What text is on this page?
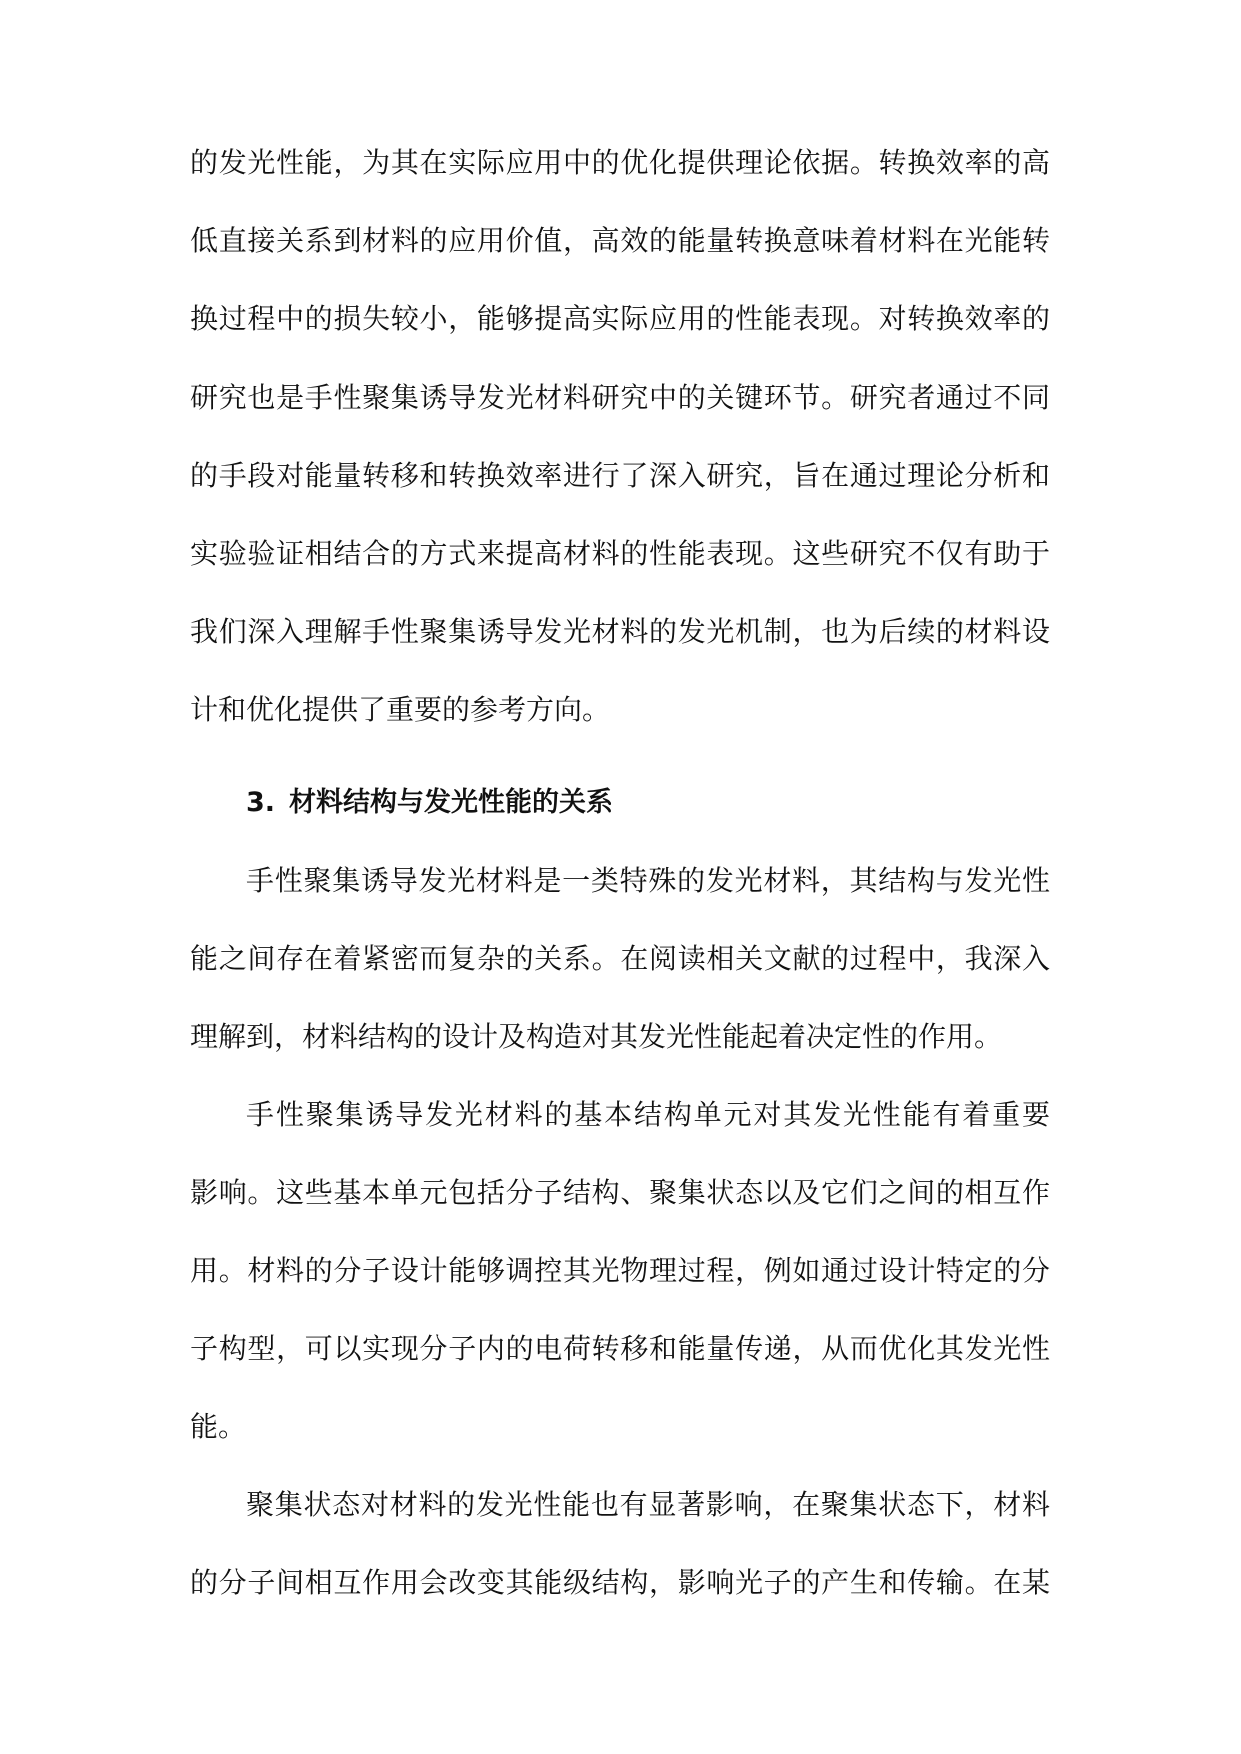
的发光性能，为其在实际应用中的优化提供理论依据。转换效率的高
低直接关系到材料的应用价值，高效的能量转换意味着材料在光能转
换过程中的损失较小，能够提高实际应用的性能表现。对转换效率的
研究也是手性聚集诱导发光材料研究中的关键环节。研究者通过不同
的手段对能量转移和转换效率进行了深入研究，旨在通过理论分析和
实验验证相结合的方式来提高材料的性能表现。这些研究不仅有助于
我们深入理解手性聚集诱导发光材料的发光机制，也为后续的材料设
计和优化提供了重要的参考方向。
3. 材料结构与发光性能的关系
手性聚集诱导发光材料是一类特殊的发光材料，其结构与发光性
能之间存在着紧密而复杂的关系。在阅读相关文献的过程中，我深入
理解到，材料结构的设计及构造对其发光性能起着决定性的作用。
手性聚集诱导发光材料的基本结构单元对其发光性能有着重要
影响。这些基本单元包括分子结构、聚集状态以及它们之间的相互作
用。材料的分子设计能够调控其光物理过程，例如通过设计特定的分
子构型，可以实现分子内的电荷转移和能量传递，从而优化其发光性
能。
聚集状态对材料的发光性能也有显著影响，在聚集状态下，材料
的分子间相互作用会改变其能级结构，影响光子的产生和传输。在某
